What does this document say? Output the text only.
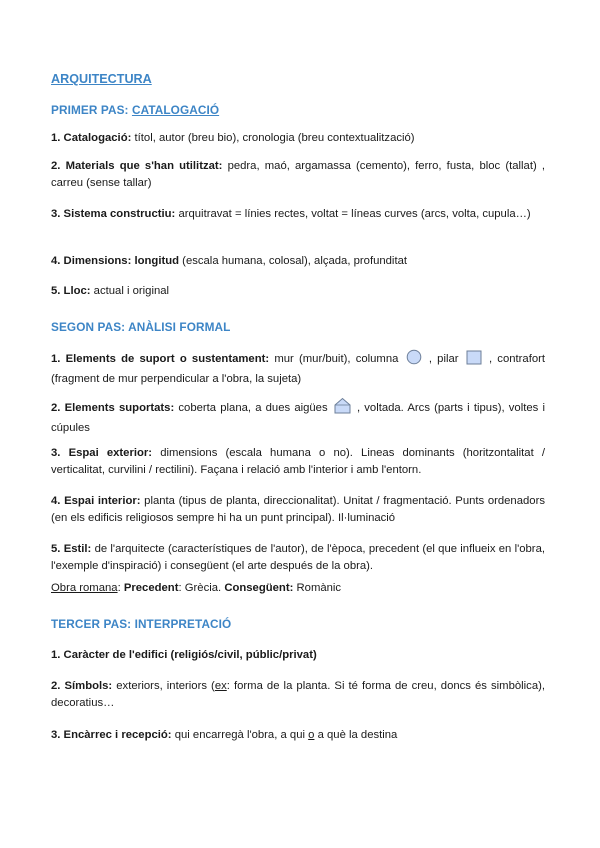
ARQUITECTURA
PRIMER PAS: CATALOGACIÓ
1. Catalogació: títol, autor (breu bio), cronologia (breu contextualització)
2. Materials que s'han utilitzat: pedra, maó, argamassa (cemento), ferro, fusta, bloc (tallat) , carreu (sense tallar)
3. Sistema constructiu: arquitravat = línies rectes, voltat = líneas curves (arcs, volta, cupula…)
4. Dimensions: longitud (escala humana, colosal), alçada, profunditat
5. Lloc: actual i original
SEGON PAS: ANÀLISI FORMAL
1. Elements de suport o sustentament: mur (mur/buit), columna  , pilar  , contrafort (fragment de mur perpendicular a l'obra, la sujeta)
2. Elements suportats: coberta plana, a dues aigües  , voltada. Arcs (parts i tipus), voltes i cúpules
3. Espai exterior: dimensions (escala humana o no). Lineas dominants (horitzontalitat / verticalitat, curvilini / rectilini). Façana i relació amb l'interior i amb l'entorn.
4. Espai interior: planta (tipus de planta, direccionalitat). Unitat / fragmentació. Punts ordenadors (en els edificis religiosos sempre hi ha un punt principal). Il·luminació
5. Estil: de l'arquitecte (característiques de l'autor), de l'època, precedent (el que influeix en l'obra, l'exemple d'inspiració) i consegüent (el arte después de la obra).
Obra romana: Precedent: Grècia. Consegüent: Romànic
TERCER PAS: INTERPRETACIÓ
1. Caràcter de l'edifici (religiós/civil, públic/privat)
2. Símbols: exteriors, interiors (ex: forma de la planta. Si té forma de creu, doncs és simbòlica), decoratius…
3. Encàrrec i recepció: qui encarregà l'obra, a qui o a què la destina
